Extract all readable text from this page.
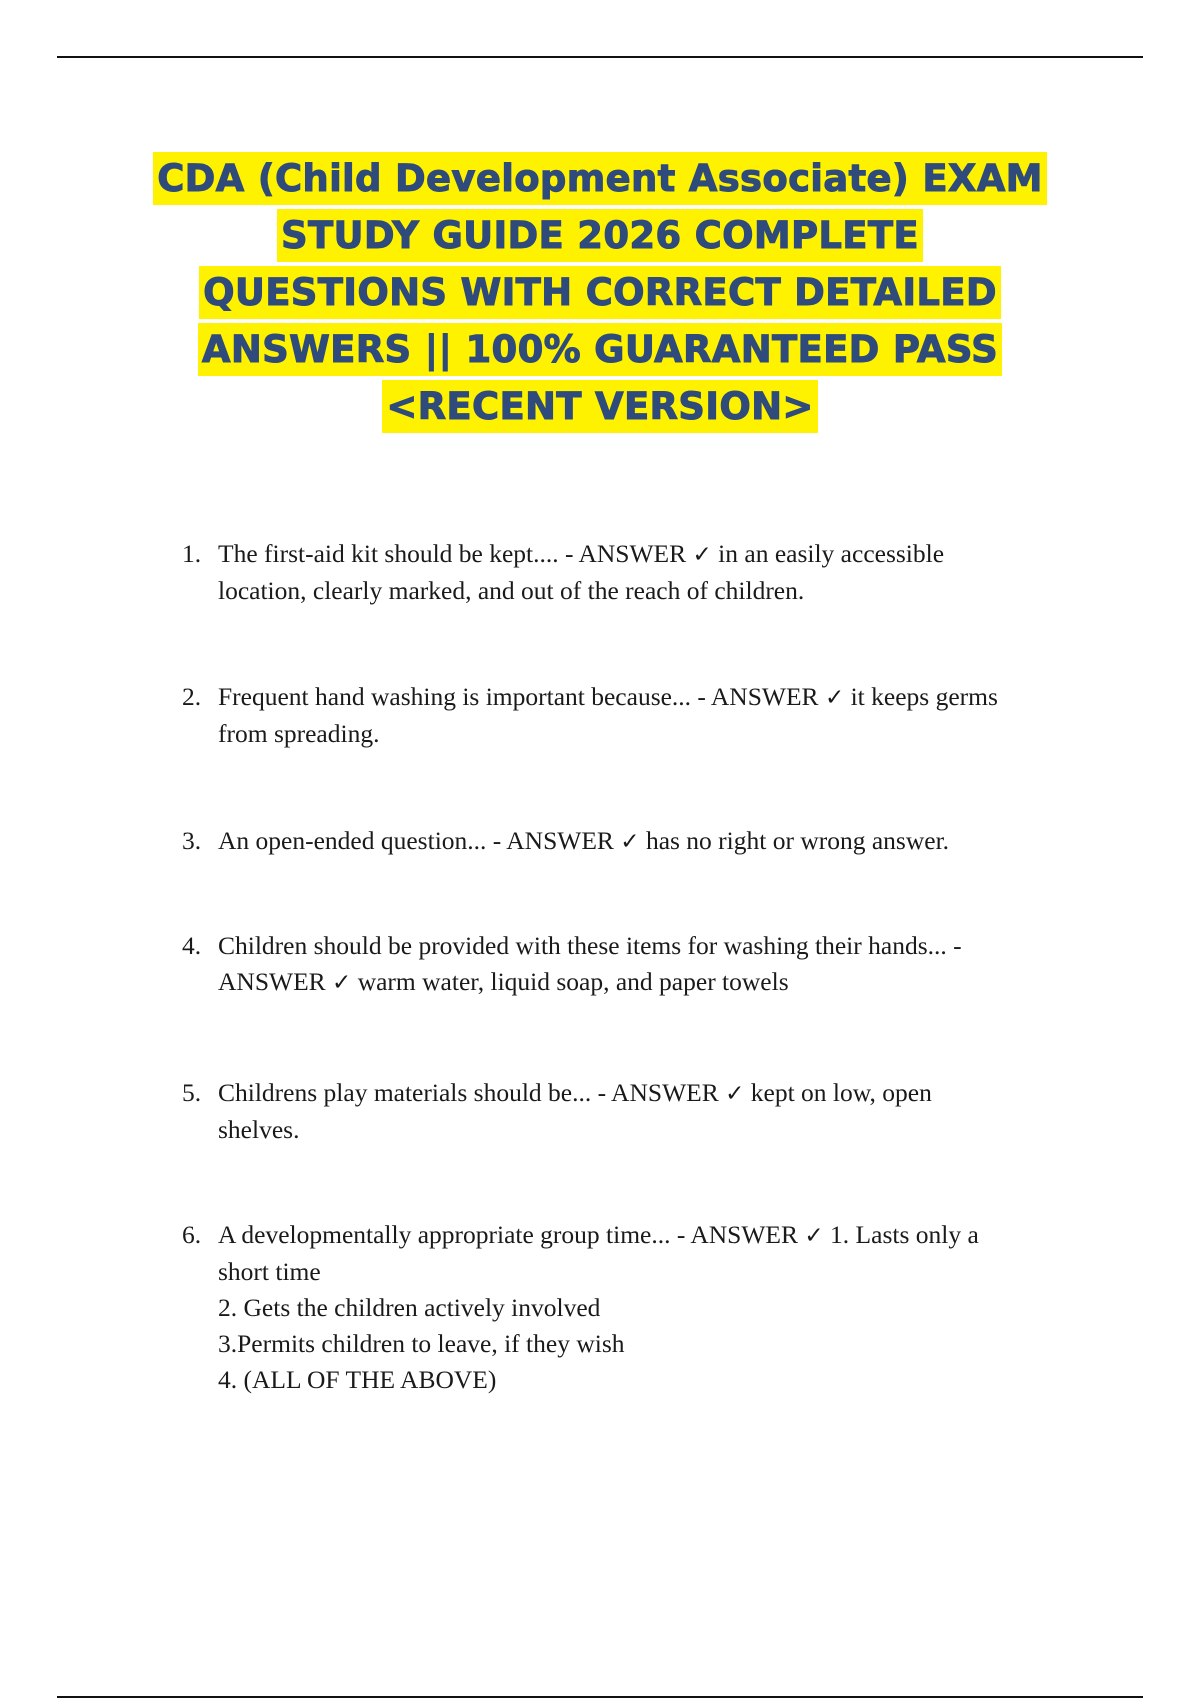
CDA (Child Development Associate) EXAM
STUDY GUIDE 2026 COMPLETE
QUESTIONS WITH CORRECT DETAILED
ANSWERS || 100% GUARANTEED PASS
<RECENT VERSION>
1. The first-aid kit should be kept.... - ANSWER ✓ in an easily accessible
location, clearly marked, and out of the reach of children.
2. Frequent hand washing is important because... - ANSWER ✓ it keeps germs
from spreading.
3. An open-ended question... - ANSWER ✓ has no right or wrong answer.
4. Children should be provided with these items for washing their hands... -
ANSWER ✓ warm water, liquid soap, and paper towels
5. Childrens play materials should be... - ANSWER ✓ kept on low, open
shelves.
6. A developmentally appropriate group time... - ANSWER ✓ 1. Lasts only a
short time
2. Gets the children actively involved
3.Permits children to leave, if they wish
4. (ALL OF THE ABOVE)
